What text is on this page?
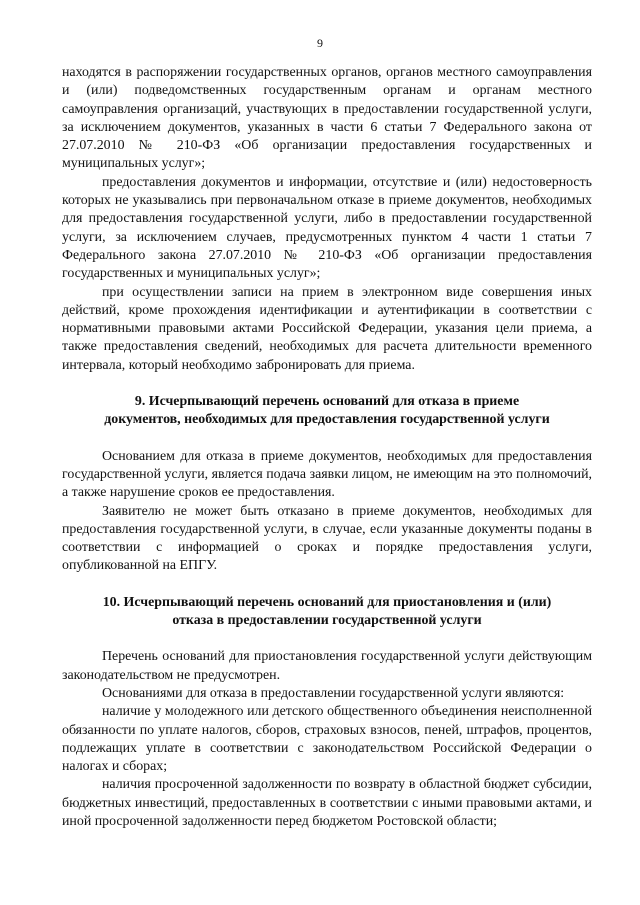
9

находятся в распоряжении государственных органов, органов местного самоуправления и (или) подведомственных государственным органам и органам местного самоуправления организаций, участвующих в предоставлении государственной услуги, за исключением документов, указанных в части 6 статьи 7 Федерального закона от 27.07.2010 № 210-ФЗ «Об организации предоставления государственных и муниципальных услуг»;

предоставления документов и информации, отсутствие и (или) недостоверность которых не указывались при первоначальном отказе в приеме документов, необходимых для предоставления государственной услуги, либо в предоставлении государственной услуги, за исключением случаев, предусмотренных пунктом 4 части 1 статьи 7 Федерального закона 27.07.2010 № 210-ФЗ «Об организации предоставления государственных и муниципальных услуг»;

при осуществлении записи на прием в электронном виде совершения иных действий, кроме прохождения идентификации и аутентификации в соответствии с нормативными правовыми актами Российской Федерации, указания цели приема, а также предоставления сведений, необходимых для расчета длительности временного интервала, который необходимо забронировать для приема.

9. Исчерпывающий перечень оснований для отказа в приеме

документов, необходимых для предоставления государственной услуги

Основанием для отказа в приеме документов, необходимых для предоставления государственной услуги, является подача заявки лицом, не имеющим на это полномочий, а также нарушение сроков ее предоставления.

Заявителю не может быть отказано в приеме документов, необходимых для предоставления государственной услуги, в случае, если указанные документы поданы в соответствии с информацией о сроках и порядке предоставления услуги, опубликованной на ЕПГУ.

10. Исчерпывающий перечень оснований для приостановления и (или)

отказа в предоставлении государственной услуги

Перечень оснований для приостановления государственной услуги действующим законодательством не предусмотрен.

Основаниями для отказа в предоставлении государственной услуги являются:

наличие у молодежного или детского общественного объединения неисполненной обязанности по уплате налогов, сборов, страховых взносов, пеней, штрафов, процентов, подлежащих уплате в соответствии с законодательством Российской Федерации о налогах и сборах;

наличия просроченной задолженности по возврату в областной бюджет субсидии, бюджетных инвестиций, предоставленных в соответствии с иными правовыми актами, и иной просроченной задолженности перед бюджетом Ростовской области;
